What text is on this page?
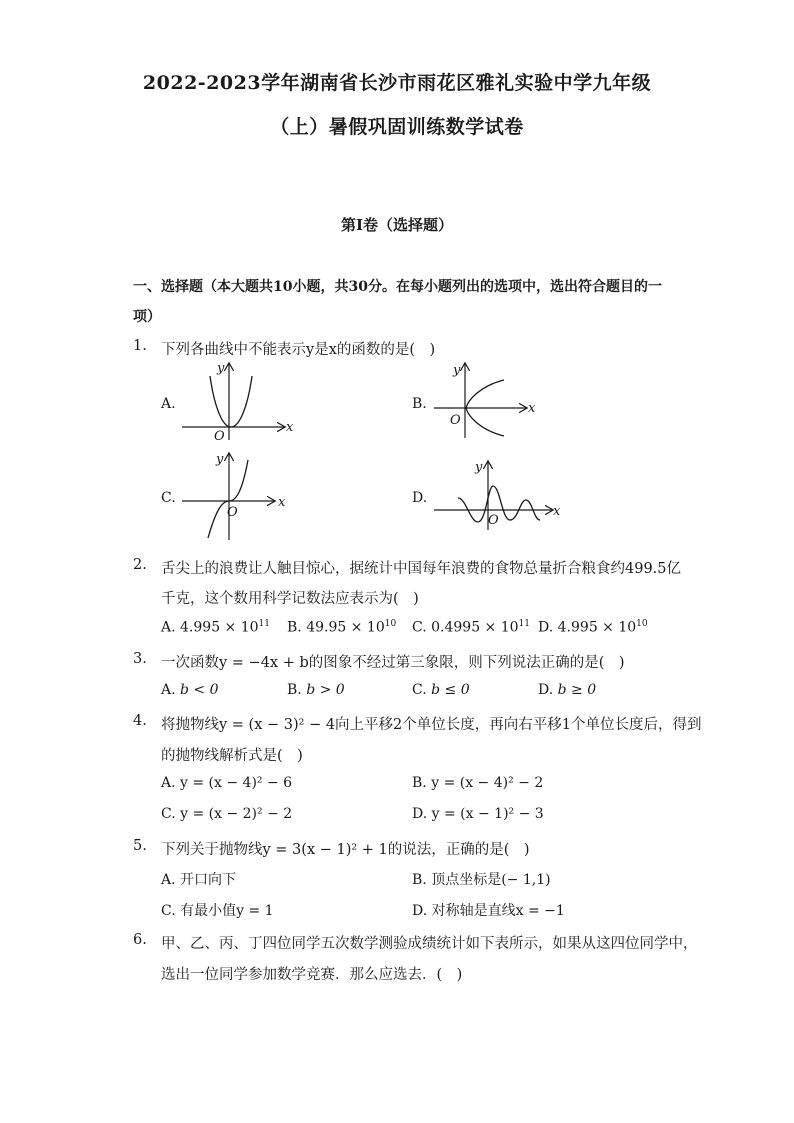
2022-2023学年湖南省长沙市雨花区雅礼实验中学九年级
（上）暑假巩固训练数学试卷
第Ⅰ卷（选择题）
一、选择题（本大题共10小题，共30分。在每小题列出的选项中，选出符合题目的一
项）
1. 下列各曲线中不能表示y是x的函数的是(　)
A.	B.
C.	D.
x
y
O
x
y
O
x
y
O	x
y
O
2. 舌尖上的浪费让人触目惊心，据统计中国每年浪费的食物总量折合粮食约499.5亿
千克，这个数用科学记数法应表示为(　)
A. $4.995 \times 10^{11}$ B. $49.95 \times 10^{10}$ C. $0.4995 \times 10^{11}$ D. $4.995 \times 10^{10}$
3. 一次函数y = −4x + b的图象不经过第三象限，则下列说法正确的是(　)
A. b < 0	B. b > 0	C. b ≤ 0	D. b ≥ 0
4. 将抛物线y = (x − 3)² − 4向上平移2个单位长度，再向右平移1个单位长度后，得到
的抛物线解析式是(　)
A. y = (x − 4)² − 6	B. y = (x − 4)² − 2
C. y = (x − 2)² − 2	D. y = (x − 1)² − 3
5. 下列关于抛物线y = 3(x − 1)² + 1的说法，正确的是(　)
A. 开口向下	B. 顶点坐标是(− 1,1)
C. 有最小值y = 1	D. 对称轴是直线x = −1
6. 甲、乙、丙、丁四位同学五次数学测验成绩统计如下表所示，如果从这四位同学中，
选出一位同学参加数学竞赛．那么应选去．(　)
